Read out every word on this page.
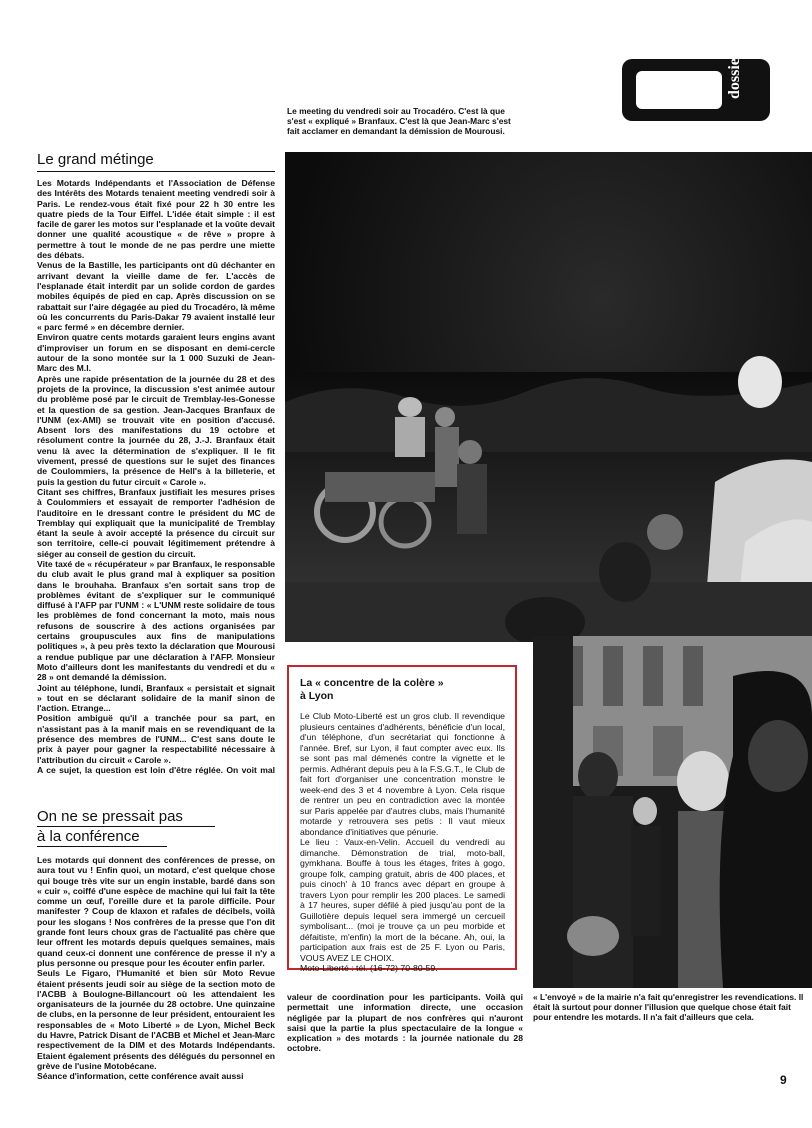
dossier
Le meeting du vendredi soir au Trocadéro. C'est là que s'est « expliqué » Branfaux. C'est là que Jean-Marc s'est fait acclamer en demandant la démission de Mourousi.
Le grand métinge

Les Motards Indépendants et l'Association de Défense des Intérêts des Motards tenaient meeting vendredi soir à Paris. Le rendez-vous était fixé pour 22 h 30 entre les quatre pieds de la Tour Eiffel. L'idée était simple : il est facile de garer les motos sur l'esplanade et la voûte devait donner une qualité acoustique « de rêve » propre à permettre à tout le monde de ne pas perdre une miette des débats.

Venus de la Bastille, les participants ont dû déchanter en arrivant devant la vieille dame de fer. L'accès de l'esplanade était interdit par un solide cordon de gardes mobiles équipés de pied en cap. Après discussion on se rabattait sur l'aire dégagée au pied du Trocadéro, là même où les concurrents du Paris-Dakar 79 avaient installé leur « parc fermé » en décembre dernier.

Environ quatre cents motards garaient leurs engins avant d'improviser un forum en se disposant en demi-cercle autour de la sono montée sur la 1 000 Suzuki de Jean-Marc des M.I.

Après une rapide présentation de la journée du 28 et des projets de la province, la discussion s'est animée autour du problème posé par le circuit de Tremblay-les-Gonesse et la question de sa gestion. Jean-Jacques Branfaux de l'UNM (ex-AMI) se trouvait vite en position d'accusé. Absent lors des manifestations du 19 octobre et résolument contre la journée du 28, J.-J. Branfaux était venu là avec la détermination de s'expliquer. Il le fit vivement, pressé de questions sur le sujet des finances de Coulommiers, la présence de Hell's à la billeterie, et puis la gestion du futur circuit « Carole ».

Citant ses chiffres, Branfaux justifiait les mesures prises à Coulommiers et essayait de remporter l'adhésion de l'auditoire en le dressant contre le président du MC de Tremblay qui expliquait que la municipalité de Tremblay étant la seule à avoir accepté la présence du circuit sur son territoire, celle-ci pouvait légitimement prétendre à siéger au conseil de gestion du circuit.

Vite taxé de « récupérateur » par Branfaux, le responsable du club avait le plus grand mal à expliquer sa position dans le brouhaha. Branfaux s'en sortait sans trop de problèmes évitant de s'expliquer sur le communiqué diffusé à l'AFP par l'UNM : « L'UNM reste solidaire de tous les problèmes de fond concernant la moto, mais nous refusons de souscrire à des actions organisées par certains groupuscules aux fins de manipulations politiques », à peu près texto la déclaration que Mourousi a rendue publique par une déclaration à l'AFP. Monsieur Moto d'ailleurs dont les manifestants du vendredi et du « 28 » ont demandé la démission.

Joint au téléphone, lundi, Branfaux « persistait et signait » tout en se déclarant solidaire de la manif sinon de l'action. Etrange...

Position ambiguë qu'il a tranchée pour sa part, en n'assistant pas à la manif mais en se revendiquant de la présence des membres de l'UNM... C'est sans doute le prix à payer pour gagner la respectabilité nécessaire à l'attribution du circuit « Carole ».

A ce sujet, la question est loin d'être réglée. On voit mal

On ne se pressait pas
à la conférence

Les motards qui donnent des conférences de presse, on aura tout vu ! Enfin quoi, un motard, c'est quelque chose qui bouge très vite sur un engin instable, bardé dans son « cuir », coiffé d'une espèce de machine qui lui fait la tête comme un œuf, l'oreille dure et la parole difficile. Pour manifester ? Coup de klaxon et rafales de décibels, voilà pour les slogans ! Nos confrères de la presse que l'on dit grande font leurs choux gras de l'actualité pas chère que leur offrent les motards depuis quelques semaines, mais quand ceux-ci donnent une conférence de presse il n'y a plus personne ou presque pour les écouter enfin parler.

Seuls Le Figaro, l'Humanité et bien sûr Moto Revue étaient présents jeudi soir au siège de la section moto de l'ACBB à Boulogne-Billancourt où les attendaient les organisateurs de la journée du 28 octobre. Une quinzaine de clubs, en la personne de leur président, entouraient les responsables de « Moto Liberté » de Lyon, Michel Beck du Havre, Patrick Disant de l'ACBB et Michel et Jean-Marc respectivement de la DIM et des Motards Indépendants. Etaient également présents des délégués du personnel en grève de l'usine Motobécane.

Séance d'information, cette conférence avait aussi

valeur de coordination pour les participants. Voilà qui permettait une information directe, une occasion négligée par la plupart de nos confrères qui n'auront saisi que la partie la plus spectaculaire de la longue « explication » des motards : la journée nationale du 28 octobre.
La « concentre de la colère »
à Lyon

Le Club Moto-Liberté est un gros club. Il revendique plusieurs centaines d'adhérents, bénéficie d'un local, d'un téléphone, d'un secrétariat qui fonctionne à l'année. Bref, sur Lyon, il faut compter avec eux. Ils se sont pas mal démenés contre la vignette et le permis. Adhérant depuis peu à la F.S.G.T., le Club de fait fort d'organiser une concentration monstre le week-end des 3 et 4 novembre à Lyon. Cela risque de rentrer un peu en contradiction avec la montée sur Paris appelée par d'autres clubs, mais l'humanité motarde y retrouvera ses petis : Il vaut mieux abondance d'initiatives que pénurie.

Le lieu : Vaux-en-Velin. Accueil du vendredi au dimanche. Démonstration de trial, moto-ball, gymkhana. Bouffe à tous les étages, frites à gogo, groupe folk, camping gratuit, abris de 400 places, et puis cinoch' à 10 francs avec départ en groupe à travers Lyon pour remplir les 200 places. Le samedi à 17 heures, super défilé à pied jusqu'au pont de la Guillotière depuis lequel sera immergé un cercueil symbolisant... (moi je trouve ça un peu morbide et défaitiste, m'enfin) la mort de la bécane. Ah, oui, la participation aux frais est de 25 F. Lyon ou Paris, VOUS AVEZ LE CHOIX.

Moto-Liberté : tél. (16-72) 70-80-59.

« L'envoyé » de la mairie n'a fait qu'enregistrer les revendications. Il était là surtout pour donner l'illusion que quelque chose était fait pour entendre les motards. Il n'a fait d'ailleurs que cela.
9
